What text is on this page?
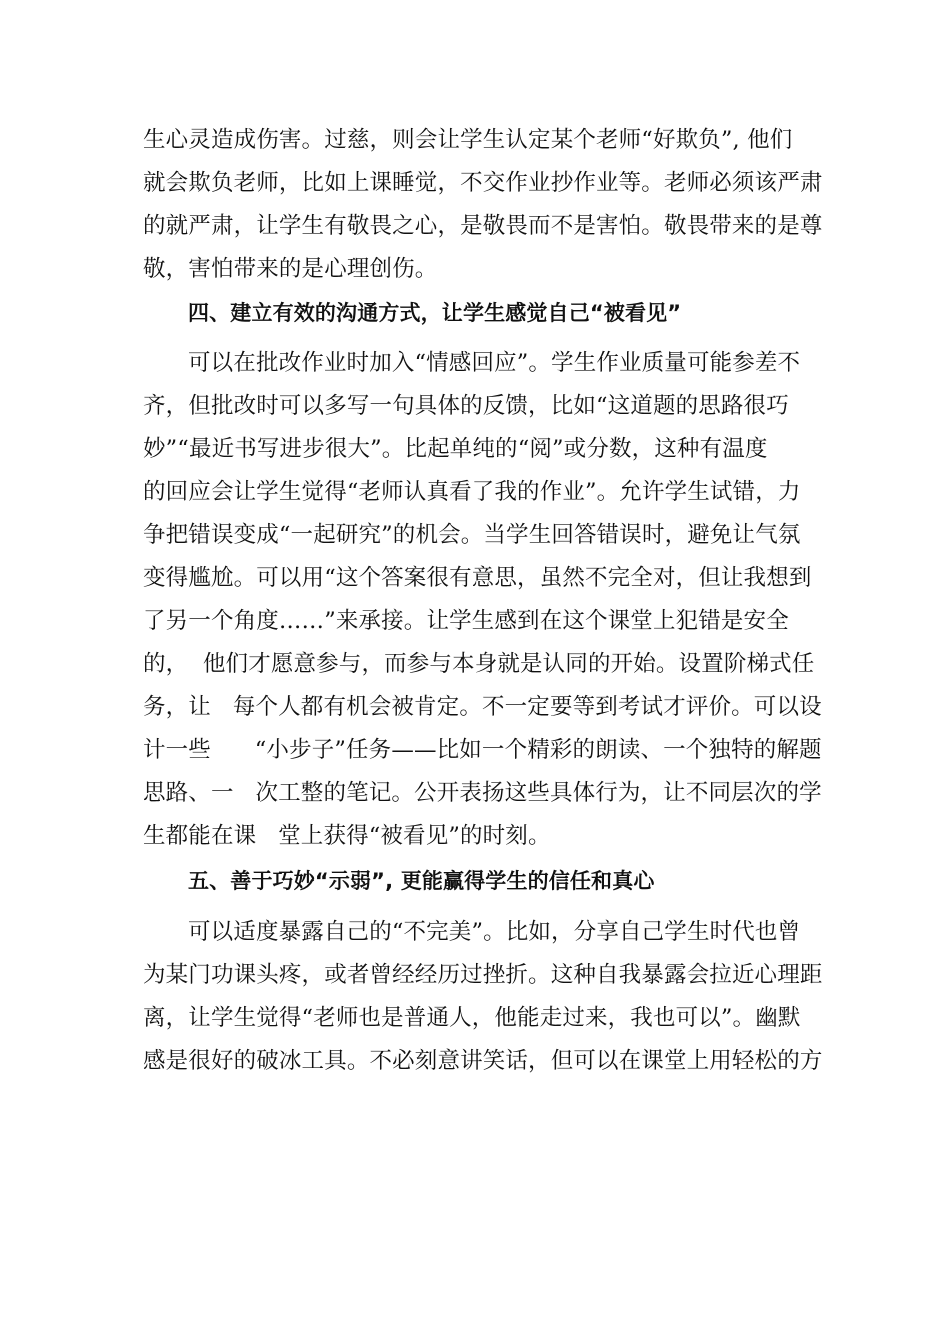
生心灵造成伤害。过慈，则会让学生认定某个老师“好欺负”, 他们
就会欺负老师，比如上课睡觉，不交作业抄作业等。老师必须该严肃
的就严肃，让学生有敬畏之心，是敬畏而不是害怕。敬畏带来的是尊
敬，害怕带来的是心理创伤。
四、建立有效的沟通方式，让学生感觉自己“被看见”
可以在批改作业时加入“情感回应”。学生作业质量可能参差不
齐，但批改时可以多写一句具体的反馈，比如“这道题的思路很巧
妙”“最近书写进步很大”。比起单纯的“阅”或分数，这种有温度
的回应会让学生觉得“老师认真看了我的作业”。允许学生试错，力
争把错误变成“一起研究”的机会。当学生回答错误时，避免让气氛
变得尴尬。可以用“这个答案很有意思，虽然不完全对，但让我想到
了另一个角度……”来承接。让学生感到在这个课堂上犯错是安全
的，  他们才愿意参与，而参与本身就是认同的开始。设置阶梯式任
务，让   每个人都有机会被肯定。不一定要等到考试才评价。可以设
计一些      “小步子”任务——比如一个精彩的朗读、一个独特的解题
思路、一   次工整的笔记。公开表扬这些具体行为，让不同层次的学
生都能在课   堂上获得“被看见”的时刻。
五、善于巧妙“示弱”, 更能赢得学生的信任和真心
可以适度暴露自己的“不完美”。比如，分享自己学生时代也曾
为某门功课头疼，或者曾经经历过挫折。这种自我暴露会拉近心理距
离，让学生觉得“老师也是普通人，他能走过来，我也可以”。幽默
感是很好的破冰工具。不必刻意讲笑话，但可以在课堂上用轻松的方
